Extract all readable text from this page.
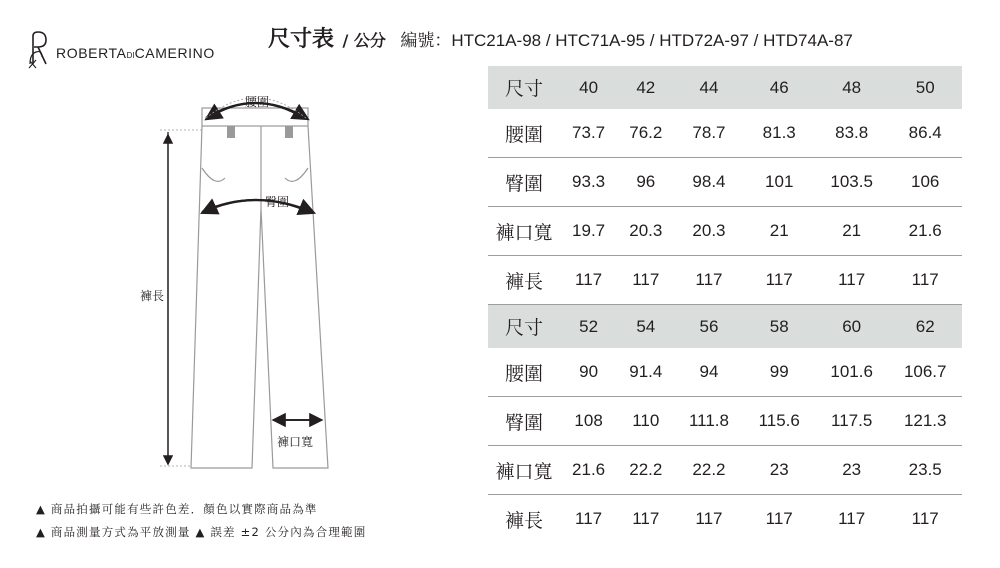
ROBERTADICAMERINO
尺寸表 / 公分 編號：HTC21A-98 / HTC71A-95 / HTD72A-97 / HTD74A-87
腰圍
臀圍
褲長
褲口寬
▲ 商品拍攝可能有些許色差．顏色以實際商品為準
▲ 商品測量方式為平放測量 ▲ 誤差 ±2 公分內為合理範圍
尺寸	40	42	44	46	48	50
腰圍	73.7	76.2	78.7	81.3	83.8	86.4
臀圍	93.3	96	98.4	101	103.5	106
褲口寬	19.7	20.3	20.3	21	21	21.6
褲長	117	117	117	117	117	117
尺寸	52	54	56	58	60	62
腰圍	90	91.4	94	99	101.6	106.7
臀圍	108	110	111.8	115.6	117.5	121.3
褲口寬	21.6	22.2	22.2	23	23	23.5
褲長	117	117	117	117	117	117
